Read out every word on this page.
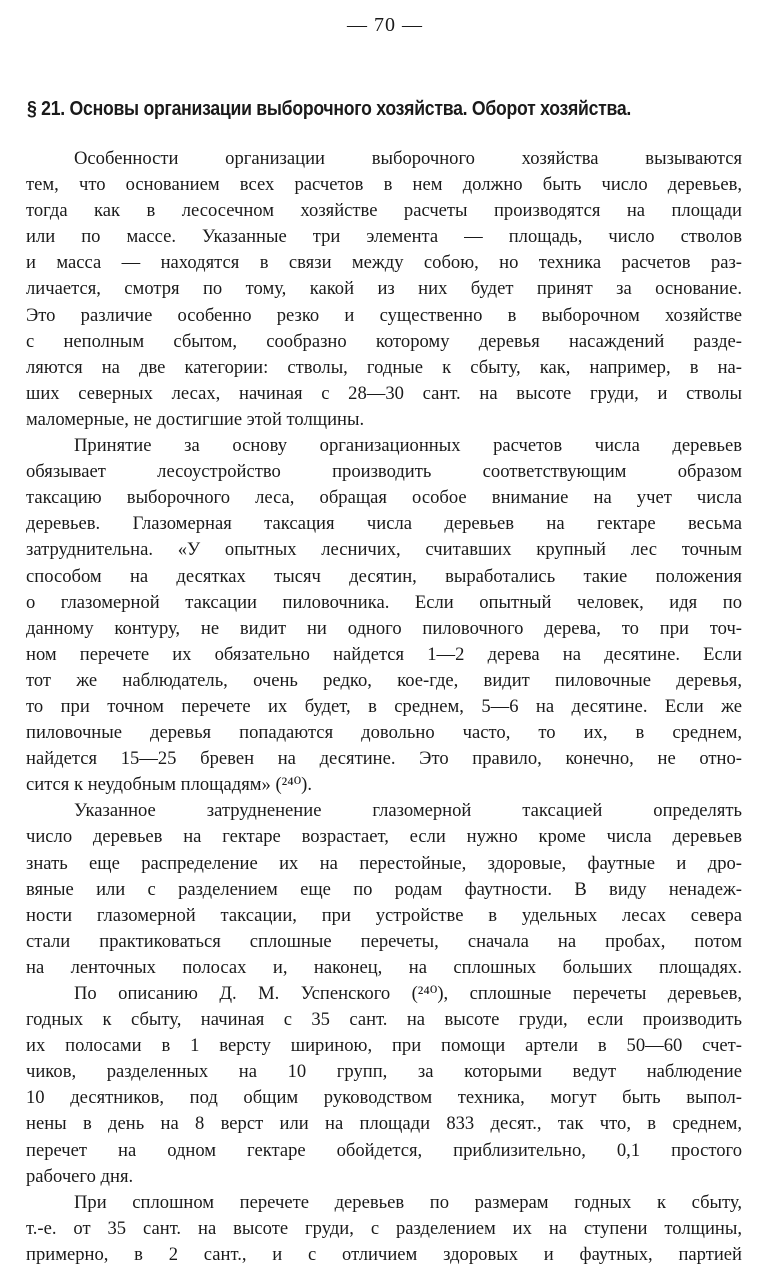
— 70 —
§ 21. Основы организации выборочного хозяйства. Оборот хозяйства.
Особенности организации выборочного хозяйства вызываются
тем, что основанием всех расчетов в нем должно быть число деревьев,
тогда как в лесосечном хозяйстве расчеты производятся на площади
или по массе. Указанные три элемента — площадь, число стволов
и масса — находятся в связи между собою, но техника расчетов раз-
личается, смотря по тому, какой из них будет принят за основание.
Это различие особенно резко и существенно в выборочном хозяйстве
с неполным сбытом, сообразно которому деревья насаждений разде-
ляются на две категории: стволы, годные к сбыту, как, например, в на-
ших северных лесах, начиная с 28—30 сант. на высоте груди, и стволы
маломерные, не достигшие этой толщины.
Принятие за основу организационных расчетов числа деревьев
обязывает лесоустройство производить соответствующим образом
таксацию выборочного леса, обращая особое внимание на учет числа
деревьев. Глазомерная таксация числа деревьев на гектаре весьма
затруднительна. «У опытных лесничих, считавших крупный лес точным
способом на десятках тысяч десятин, выработались такие положения
о глазомерной таксации пиловочника. Если опытный человек, идя по
данному контуру, не видит ни одного пиловочного дерева, то при точ-
ном перечете их обязательно найдется 1—2 дерева на десятине. Если
тот же наблюдатель, очень редко, кое-где, видит пиловочные деревья,
то при точном перечете их будет, в среднем, 5—6 на десятине. Если же
пиловочные деревья попадаются довольно часто, то их, в среднем,
найдется 15—25 бревен на десятине. Это правило, конечно, не отно-
сится к неудобным площадям» (²⁴⁰).
Указанное затрудненение глазомерной таксацией определять
число деревьев на гектаре возрастает, если нужно кроме числа деревьев
знать еще распределение их на перестойные, здоровые, фаутные и дро-
вяные или с разделением еще по родам фаутности. В виду ненадеж-
ности глазомерной таксации, при устройстве в удельных лесах севера
стали практиковаться сплошные перечеты, сначала на пробах, потом
на ленточных полосах и, наконец, на сплошных больших площадях.
По описанию Д. М. Успенского (²⁴⁰), сплошные перечеты деревьев,
годных к сбыту, начиная с 35 сант. на высоте груди, если производить
их полосами в 1 версту шириною, при помощи артели в 50—60 счет-
чиков, разделенных на 10 групп, за которыми ведут наблюдение
10 десятников, под общим руководством техника, могут быть выпол-
нены в день на 8 верст или на площади 833 десят., так что, в среднем,
перечет на одном гектаре обойдется, приблизительно, 0,1 простого
рабочего дня.
При сплошном перечете деревьев по размерам годных к сбыту,
т.-е. от 35 сант. на высоте груди, с разделением их на ступени толщины,
примерно, в 2 сант., и с отличием здоровых и фаутных, партией
